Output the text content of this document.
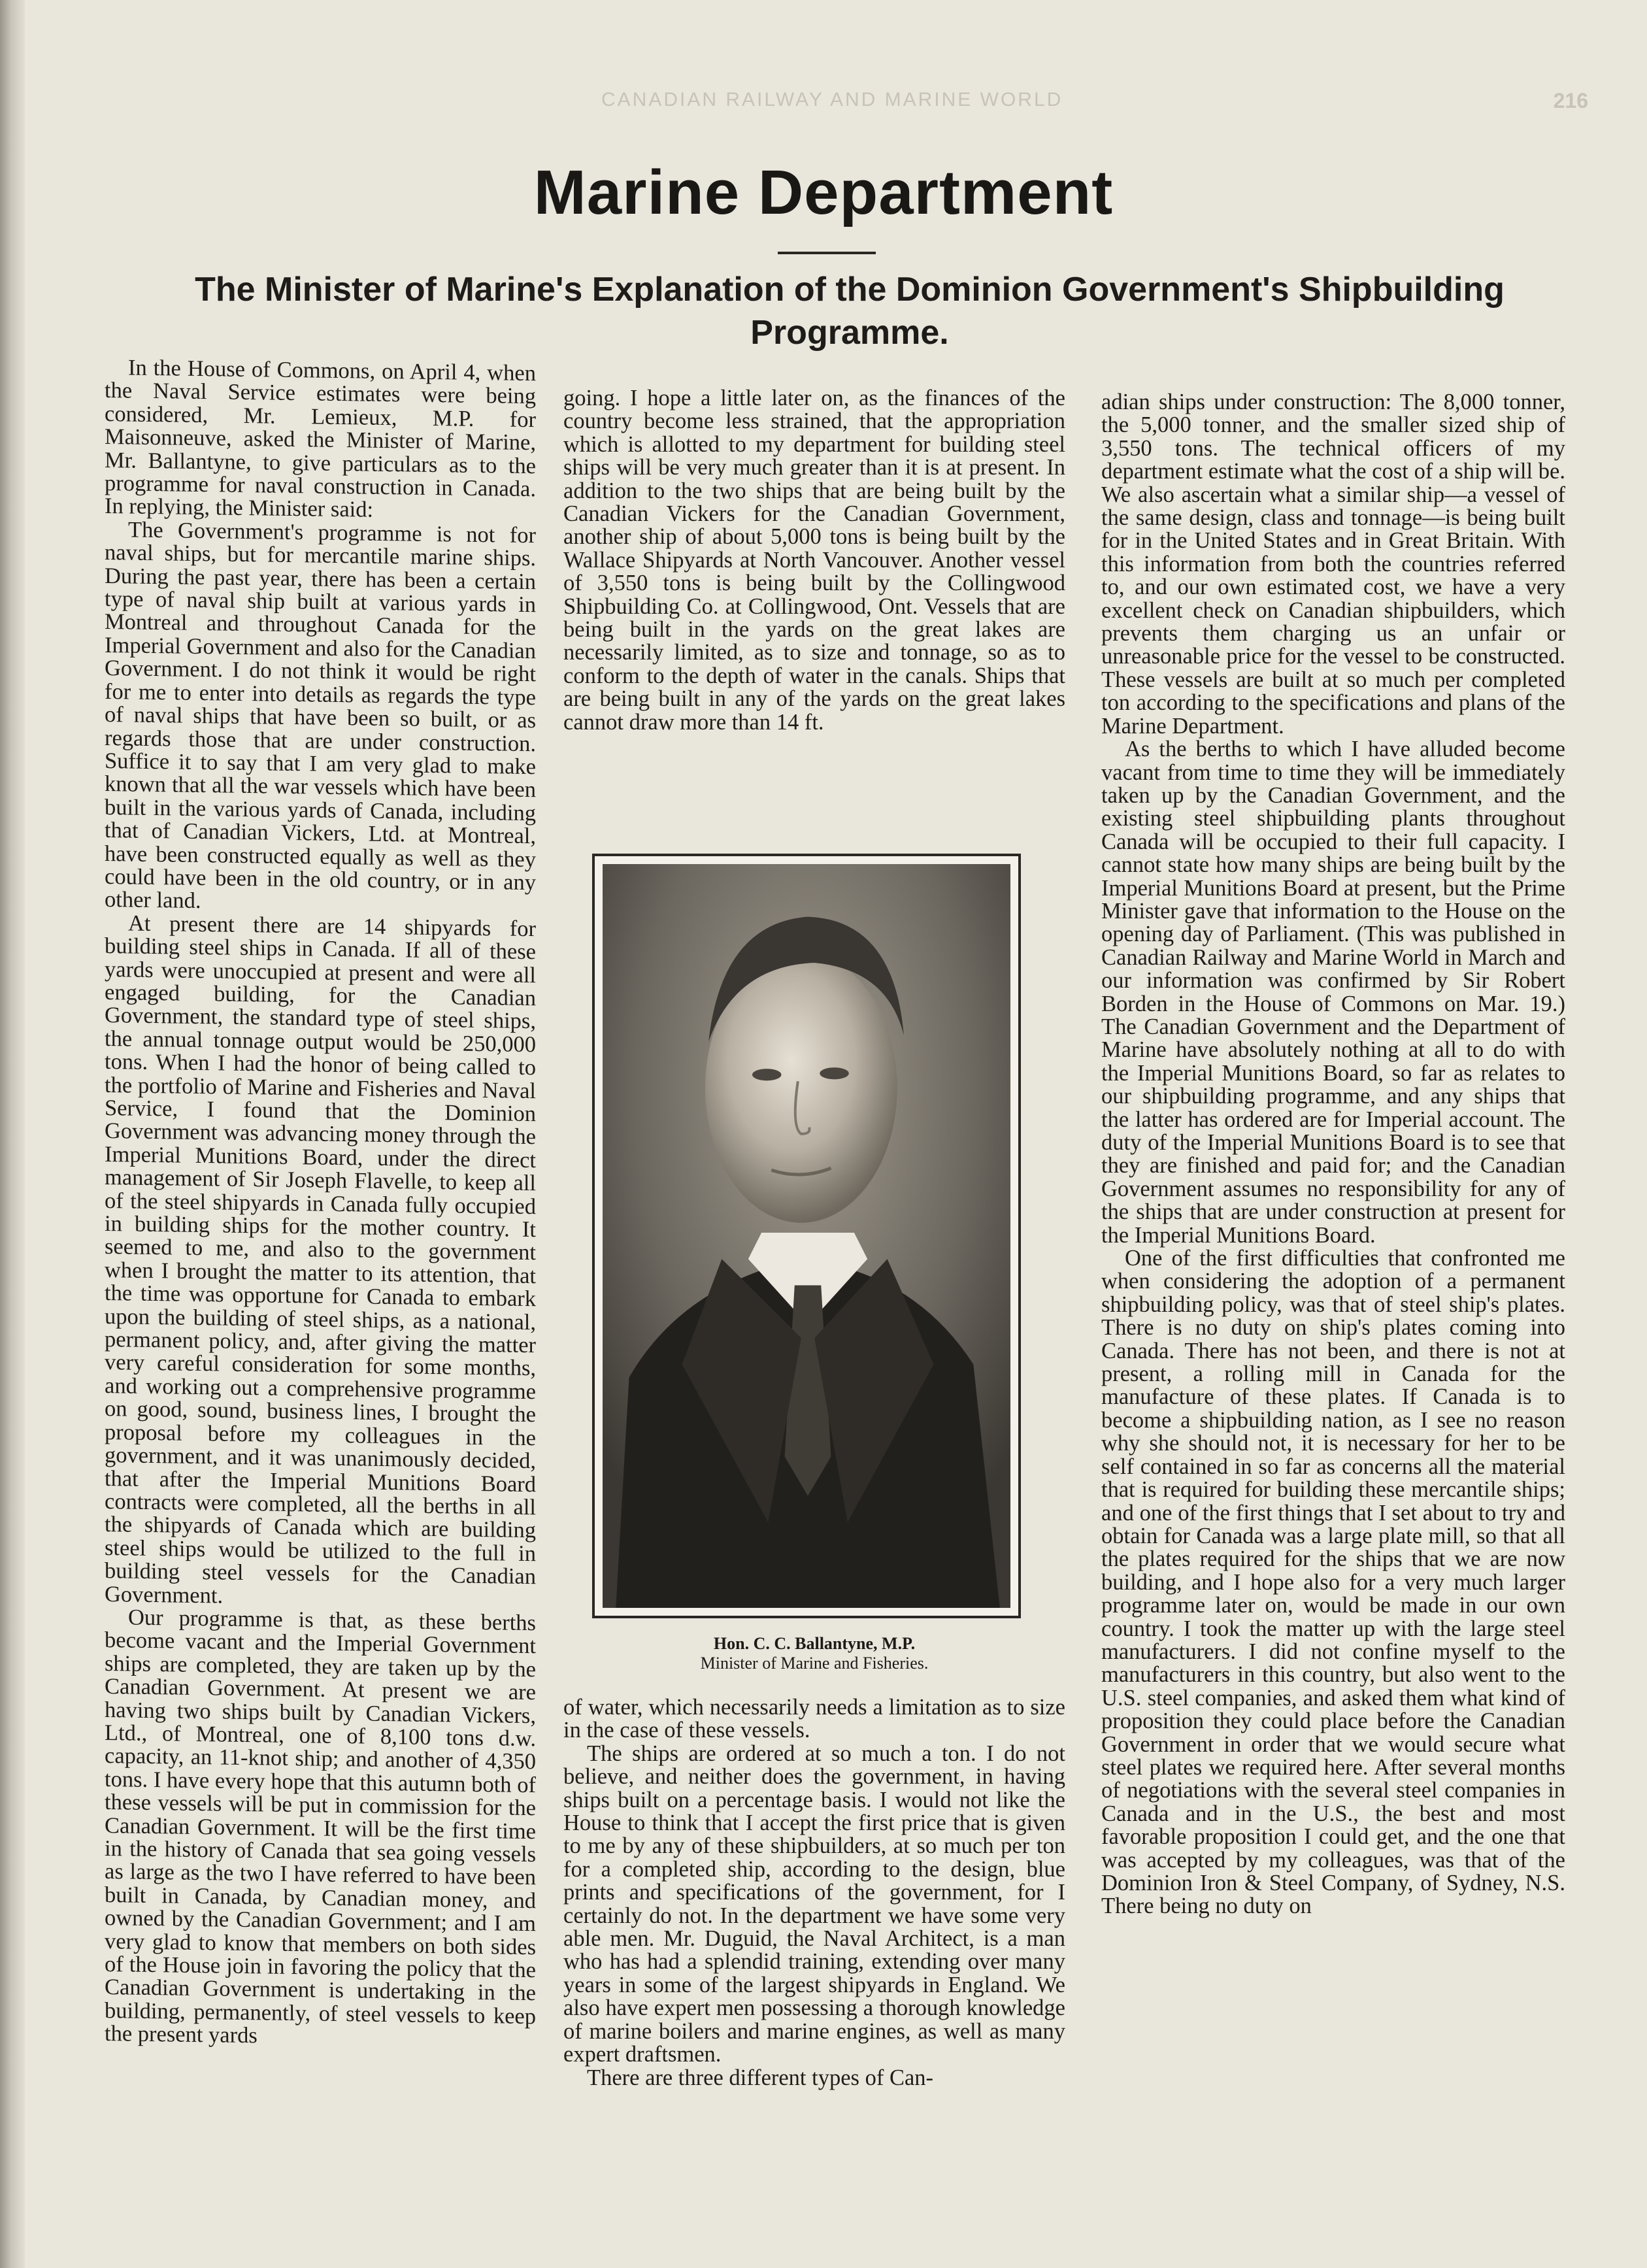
CANADIAN RAILWAY AND MARINE WORLD	216
Marine Department
The Minister of Marine's Explanation of the Dominion Government's Shipbuilding Programme.

In the House of Commons, on April 4, when the Naval Service estimates were being considered, Mr. Lemieux, M.P. for Maisonneuve, asked the Minister of Marine, Mr. Ballantyne, to give particulars as to the programme for naval construction in Canada. In replying, the Minister said:

The Government's programme is not for naval ships, but for mercantile marine ships. During the past year, there has been a certain type of naval ship built at various yards in Montreal and throughout Canada for the Imperial Government and also for the Canadian Government. I do not think it would be right for me to enter into details as regards the type of naval ships that have been so built, or as regards those that are under construction. Suffice it to say that I am very glad to make known that all the war vessels which have been built in the various yards of Canada, including that of Canadian Vickers, Ltd. at Montreal, have been constructed equally as well as they could have been in the old country, or in any other land.

At present there are 14 shipyards for building steel ships in Canada. If all of these yards were unoccupied at present and were all engaged building, for the Canadian Government, the standard type of steel ships, the annual tonnage output would be 250,000 tons. When I had the honor of being called to the portfolio of Marine and Fisheries and Naval Service, I found that the Dominion Government was advancing money through the Imperial Munitions Board, under the direct management of Sir Joseph Flavelle, to keep all of the steel shipyards in Canada fully occupied in building ships for the mother country. It seemed to me, and also to the government when I brought the matter to its attention, that the time was opportune for Canada to embark upon the building of steel ships, as a national, permanent policy, and, after giving the matter very careful consideration for some months, and working out a comprehensive programme on good, sound, business lines, I brought the proposal before my colleagues in the government, and it was unanimously decided, that after the Imperial Munitions Board contracts were completed, all the berths in all the shipyards of Canada which are building steel ships would be utilized to the full in building steel vessels for the Canadian Government.

Our programme is that, as these berths become vacant and the Imperial Government ships are completed, they are taken up by the Canadian Government. At present we are having two ships built by Canadian Vickers, Ltd., of Montreal, one of 8,100 tons d.w. capacity, an 11-knot ship; and another of 4,350 tons. I have every hope that this autumn both of these vessels will be put in commission for the Canadian Government. It will be the first time in the history of Canada that sea going vessels as large as the two I have referred to have been built in Canada, by Canadian money, and owned by the Canadian Government; and I am very glad to know that members on both sides of the House join in favoring the policy that the Canadian Government is undertaking in the building, permanently, of steel vessels to keep the present yards

going. I hope a little later on, as the finances of the country become less strained, that the appropriation which is allotted to my department for building steel ships will be very much greater than it is at present. In addition to the two ships that are being built by the Canadian Vickers for the Canadian Government, another ship of about 5,000 tons is being built by the Wallace Shipyards at North Vancouver. Another vessel of 3,550 tons is being built by the Collingwood Shipbuilding Co. at Collingwood, Ont. Vessels that are being built in the yards on the great lakes are necessarily limited, as to size and tonnage, so as to conform to the depth of water in the canals. Ships that are being built in any of the yards on the great lakes cannot draw more than 14 ft.

Hon. C. C. Ballantyne, M.P.
Minister of Marine and Fisheries.

of water, which necessarily needs a limitation as to size in the case of these vessels.

The ships are ordered at so much a ton. I do not believe, and neither does the government, in having ships built on a percentage basis. I would not like the House to think that I accept the first price that is given to me by any of these shipbuilders, at so much per ton for a completed ship, according to the design, blue prints and specifications of the government, for I certainly do not. In the department we have some very able men. Mr. Duguid, the Naval Architect, is a man who has had a splendid training, extending over many years in some of the largest shipyards in England. We also have expert men possessing a thorough knowledge of marine boilers and marine engines, as well as many expert draftsmen.

There are three different types of Can-

adian ships under construction: The 8,000 tonner, the 5,000 tonner, and the smaller sized ship of 3,550 tons. The technical officers of my department estimate what the cost of a ship will be. We also ascertain what a similar ship—a vessel of the same design, class and tonnage—is being built for in the United States and in Great Britain. With this information from both the countries referred to, and our own estimated cost, we have a very excellent check on Canadian shipbuilders, which prevents them charging us an unfair or unreasonable price for the vessel to be constructed. These vessels are built at so much per completed ton according to the specifications and plans of the Marine Department.

As the berths to which I have alluded become vacant from time to time they will be immediately taken up by the Canadian Government, and the existing steel shipbuilding plants throughout Canada will be occupied to their full capacity. I cannot state how many ships are being built by the Imperial Munitions Board at present, but the Prime Minister gave that information to the House on the opening day of Parliament. (This was published in Canadian Railway and Marine World in March and our information was confirmed by Sir Robert Borden in the House of Commons on Mar. 19.) The Canadian Government and the Department of Marine have absolutely nothing at all to do with the Imperial Munitions Board, so far as relates to our shipbuilding programme, and any ships that the latter has ordered are for Imperial account. The duty of the Imperial Munitions Board is to see that they are finished and paid for; and the Canadian Government assumes no responsibility for any of the ships that are under construction at present for the Imperial Munitions Board.

One of the first difficulties that confronted me when considering the adoption of a permanent shipbuilding policy, was that of steel ship's plates. There is no duty on ship's plates coming into Canada. There has not been, and there is not at present, a rolling mill in Canada for the manufacture of these plates. If Canada is to become a shipbuilding nation, as I see no reason why she should not, it is necessary for her to be self contained in so far as concerns all the material that is required for building these mercantile ships; and one of the first things that I set about to try and obtain for Canada was a large plate mill, so that all the plates required for the ships that we are now building, and I hope also for a very much larger programme later on, would be made in our own country. I took the matter up with the large steel manufacturers. I did not confine myself to the manufacturers in this country, but also went to the U.S. steel companies, and asked them what kind of proposition they could place before the Canadian Government in order that we would secure what steel plates we required here. After several months of negotiations with the several steel companies in Canada and in the U.S., the best and most favorable proposition I could get, and the one that was accepted by my colleagues, was that of the Dominion Iron & Steel Company, of Sydney, N.S. There being no duty on
